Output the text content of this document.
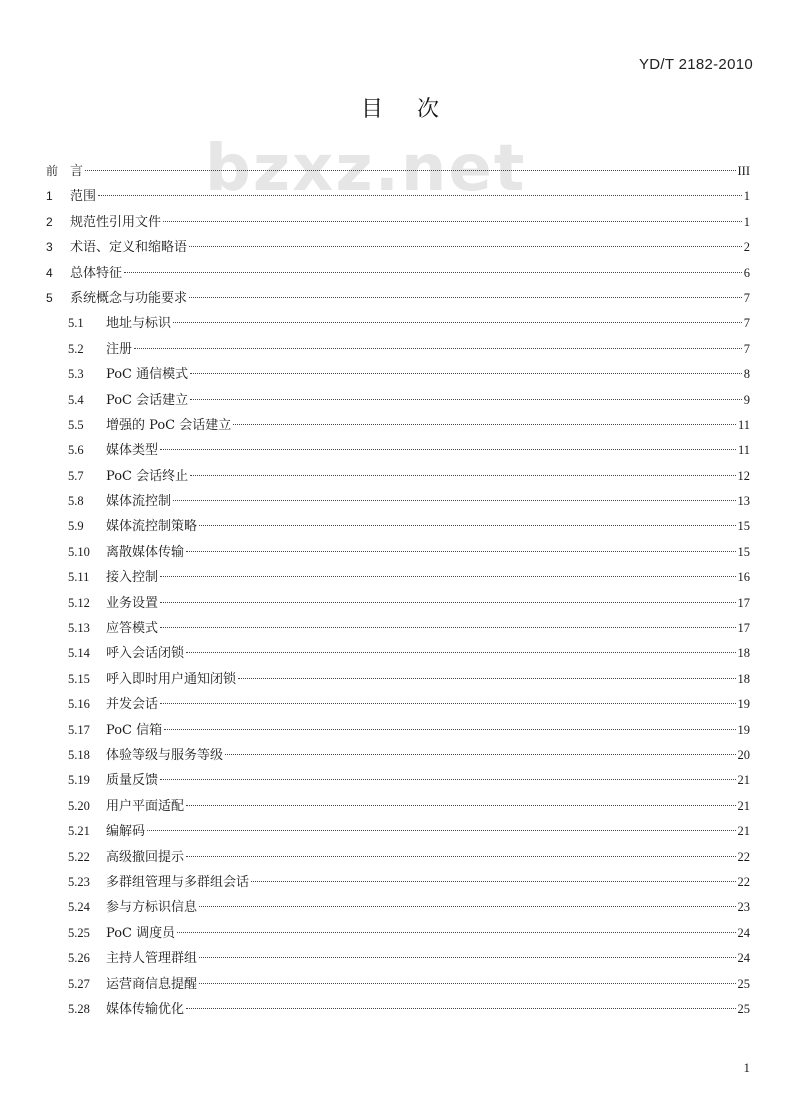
YD/T 2182-2010
目次
bzxz.net
前 言	III
1	范围	1
2	规范性引用文件	1
3	术语、定义和缩略语	2
4	总体特征	6
5	系统概念与功能要求	7
5.1	地址与标识	7
5.2	注册	7
5.3	PoC 通信模式	8
5.4	PoC 会话建立	9
5.5	增强的 PoC 会话建立	11
5.6	媒体类型	11
5.7	PoC 会话终止	12
5.8	媒体流控制	13
5.9	媒体流控制策略	15
5.10	离散媒体传输	15
5.11	接入控制	16
5.12	业务设置	17
5.13	应答模式	17
5.14	呼入会话闭锁	18
5.15	呼入即时用户通知闭锁	18
5.16	并发会话	19
5.17	PoC 信箱	19
5.18	体验等级与服务等级	20
5.19	质量反馈	21
5.20	用户平面适配	21
5.21	编解码	21
5.22	高级撤回提示	22
5.23	多群组管理与多群组会话	22
5.24	参与方标识信息	23
5.25	PoC 调度员	24
5.26	主持人管理群组	24
5.27	运营商信息提醒	25
5.28	媒体传输优化	25
1
